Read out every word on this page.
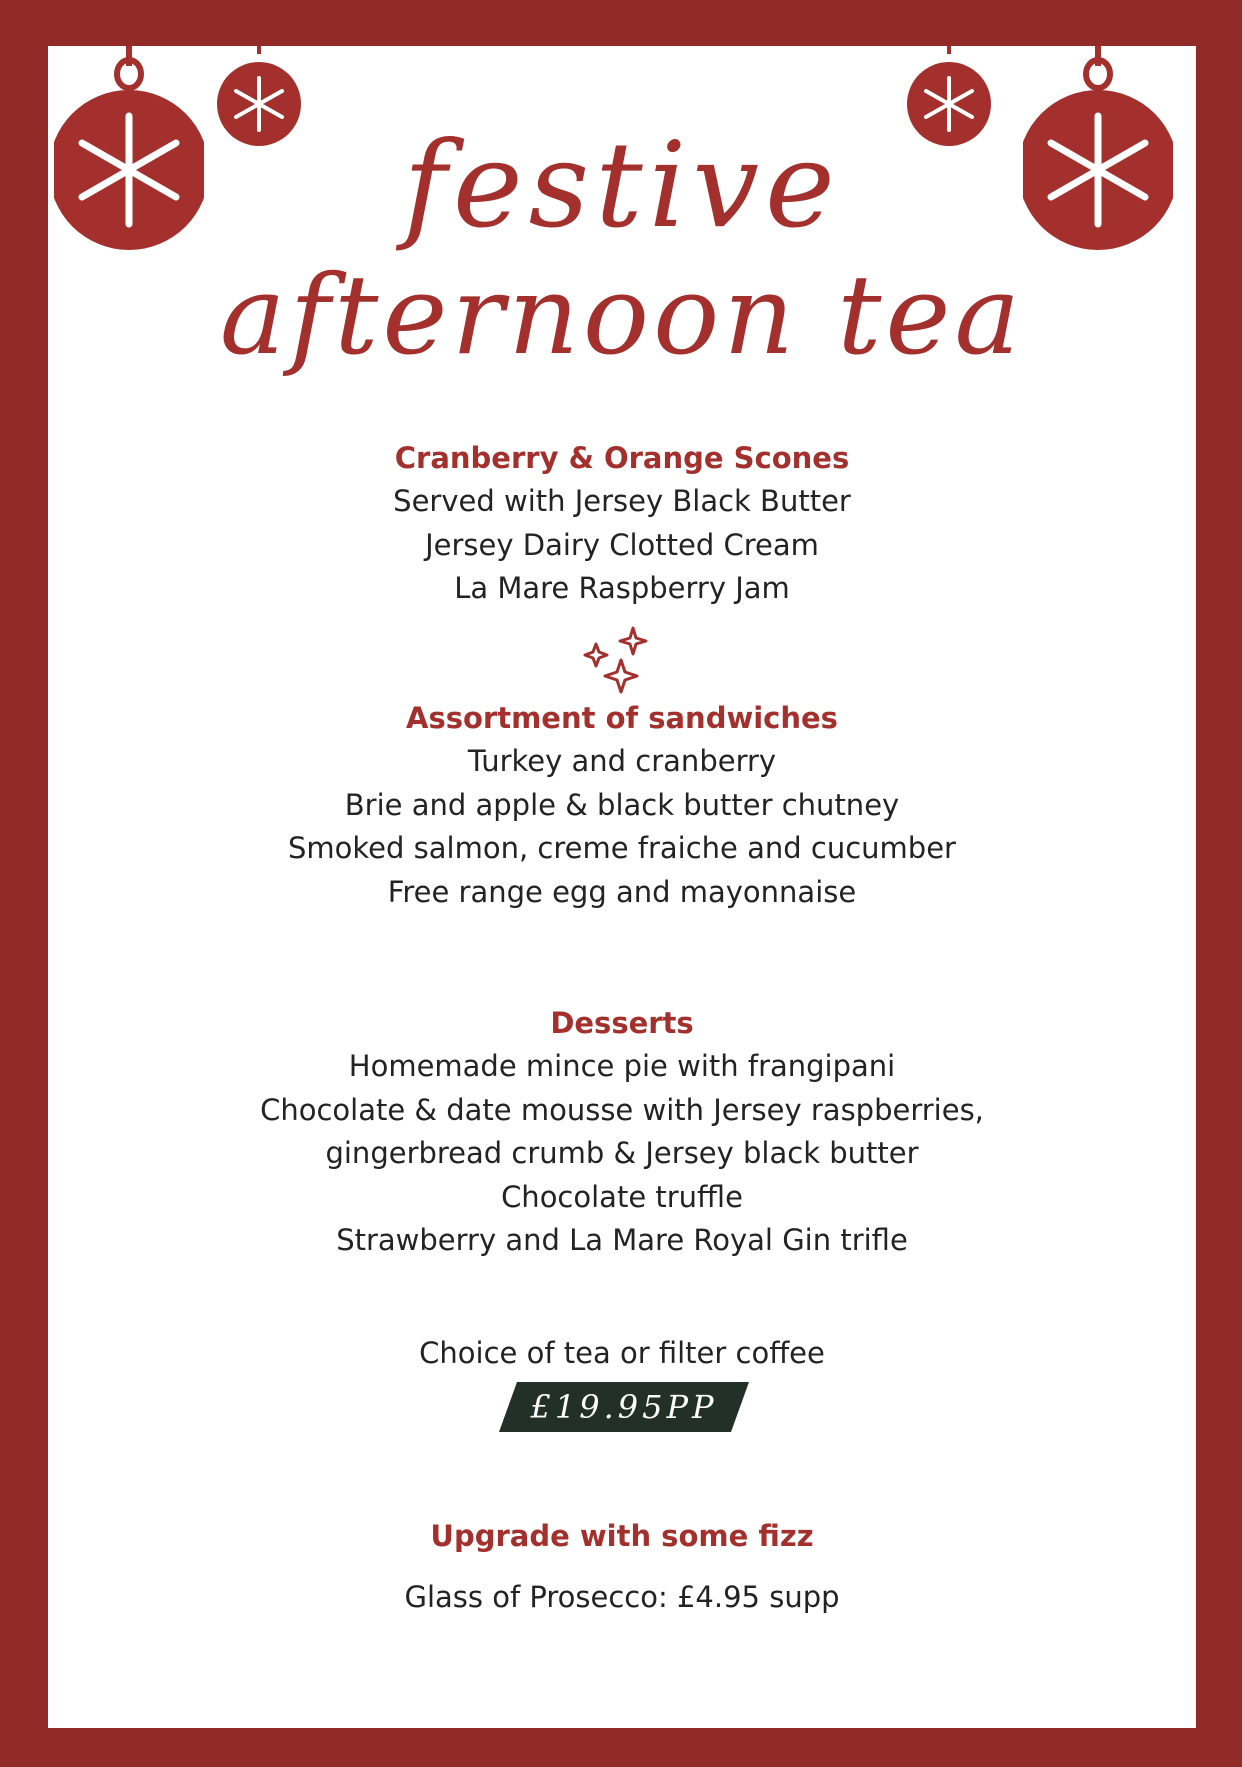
festive
afternoon tea
Cranberry & Orange Scones
Served with Jersey Black Butter
Jersey Dairy Clotted Cream
La Mare Raspberry Jam
Assortment of sandwiches
Turkey and cranberry
Brie and apple & black butter chutney
Smoked salmon, creme fraiche and cucumber
Free range egg and mayonnaise
Desserts
Homemade mince pie with frangipani
Chocolate & date mousse with Jersey raspberries,
gingerbread crumb & Jersey black butter
Chocolate truffle
Strawberry and La Mare Royal Gin trifle
Choice of tea or filter coffee
£19.95PP
Upgrade with some fizz
Glass of Prosecco: £4.95 supp
